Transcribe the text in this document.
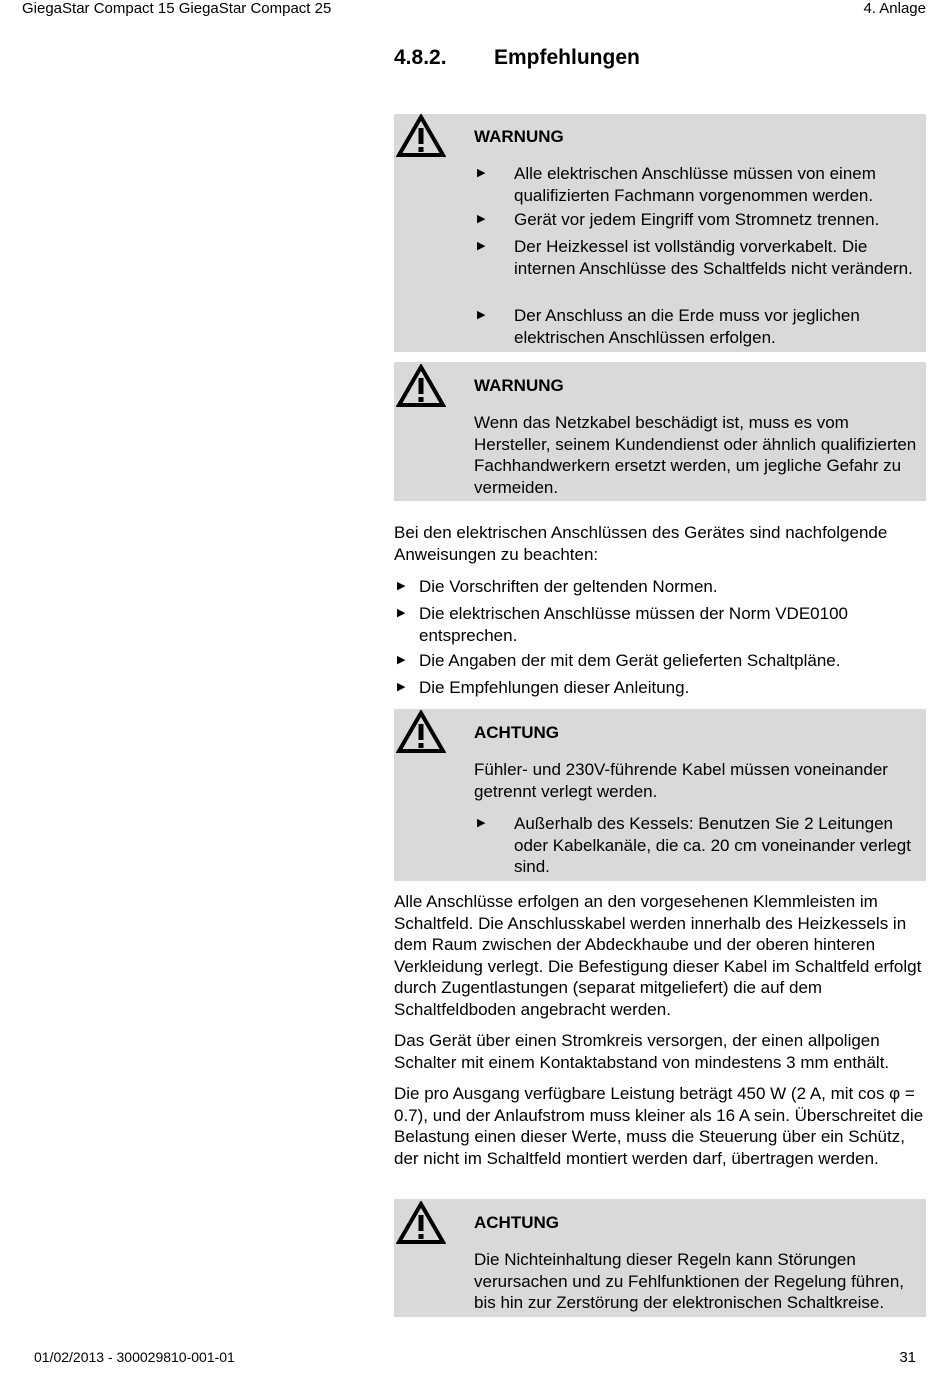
GiegaStar Compact 15 GiegaStar Compact 25	4. Anlage
4.8.2. Empfehlungen
WARNUNG
▶ Alle elektrischen Anschlüsse müssen von einem qualifizierten Fachmann vorgenommen werden.
▶ Gerät vor jedem Eingriff vom Stromnetz trennen.
▶ Der Heizkessel ist vollständig vorverkabelt. Die internen Anschlüsse des Schaltfelds nicht verändern.
▶ Der Anschluss an die Erde muss vor jeglichen elektrischen Anschlüssen erfolgen.
WARNUNG
Wenn das Netzkabel beschädigt ist, muss es vom Hersteller, seinem Kundendienst oder ähnlich qualifizierten Fachhandwerkern ersetzt werden, um jegliche Gefahr zu vermeiden.
Bei den elektrischen Anschlüssen des Gerätes sind nachfolgende Anweisungen zu beachten:
▶ Die Vorschriften der geltenden Normen.
▶ Die elektrischen Anschlüsse müssen der Norm VDE0100 entsprechen.
▶ Die Angaben der mit dem Gerät gelieferten Schaltpläne.
▶ Die Empfehlungen dieser Anleitung.
ACHTUNG
Fühler- und 230V-führende Kabel müssen voneinander getrennt verlegt werden.
▶ Außerhalb des Kessels: Benutzen Sie 2 Leitungen oder Kabelkanäle, die ca. 20 cm voneinander verlegt sind.
Alle Anschlüsse erfolgen an den vorgesehenen Klemmleisten im Schaltfeld. Die Anschlusskabel werden innerhalb des Heizkessels in dem Raum zwischen der Abdeckhaube und der oberen hinteren Verkleidung verlegt. Die Befestigung dieser Kabel im Schaltfeld erfolgt durch Zugentlastungen (separat mitgeliefert) die auf dem Schaltfeldboden angebracht werden.
Das Gerät über einen Stromkreis versorgen, der einen allpoligen Schalter mit einem Kontaktabstand von mindestens 3 mm enthält.
Die pro Ausgang verfügbare Leistung beträgt 450 W (2 A, mit cos φ = 0.7), und der Anlaufstrom muss kleiner als 16 A sein. Überschreitet die Belastung einen dieser Werte, muss die Steuerung über ein Schütz, der nicht im Schaltfeld montiert werden darf, übertragen werden.
ACHTUNG
Die Nichteinhaltung dieser Regeln kann Störungen verursachen und zu Fehlfunktionen der Regelung führen, bis hin zur Zerstörung der elektronischen Schaltkreise.
01/02/2013 - 300029810-001-01	31
